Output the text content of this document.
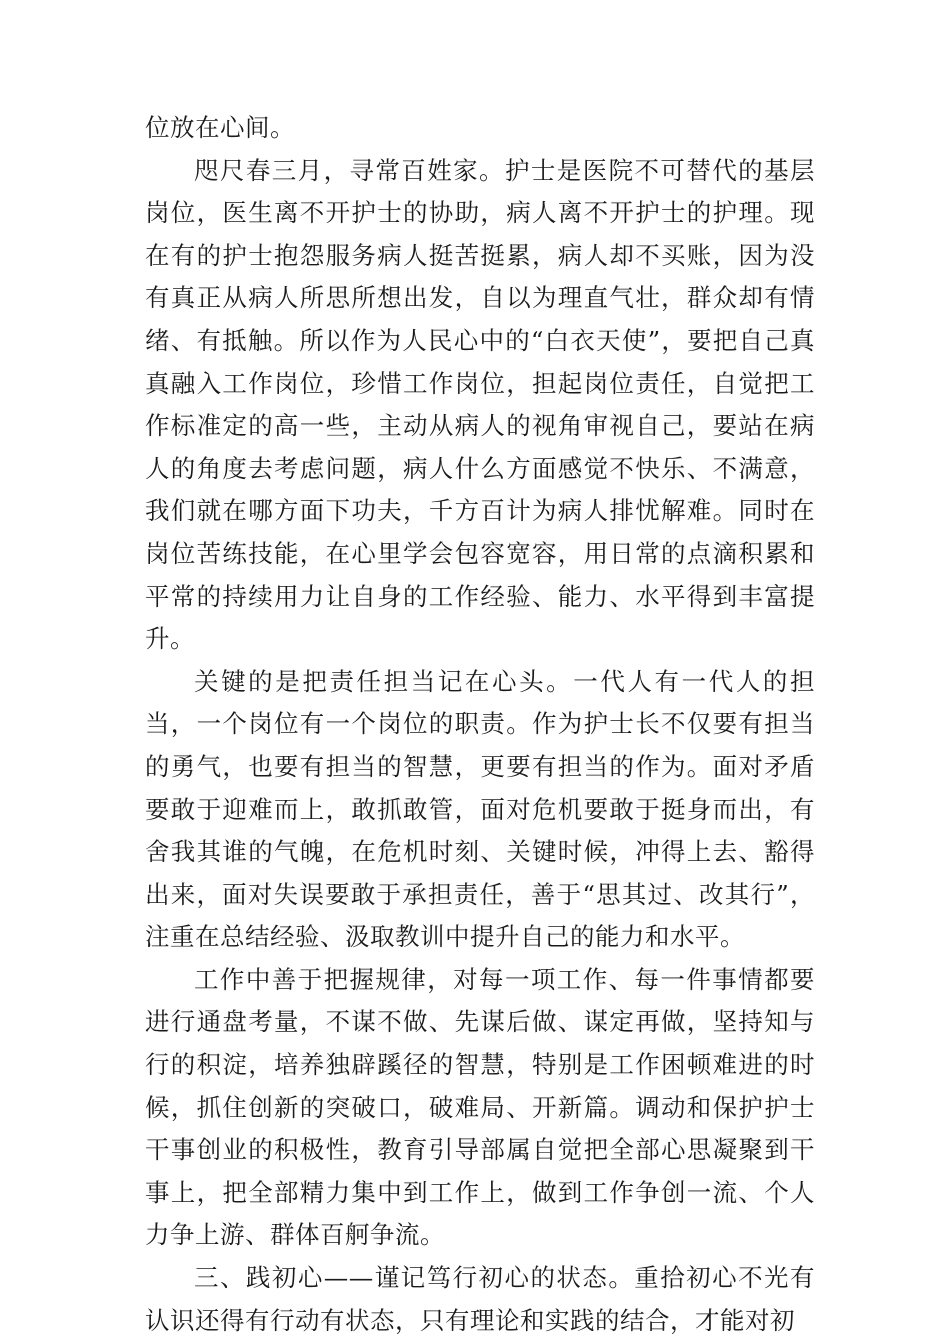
位放在心间。

咫尺春三月，寻常百姓家。护士是医院不可替代的基层岗位，医生离不开护士的协助，病人离不开护士的护理。现在有的护士抱怨服务病人挺苦挺累，病人却不买账，因为没有真正从病人所思所想出发，自以为理直气壮，群众却有情绪、有抵触。所以作为人民心中的“白衣天使”，要把自己真真融入工作岗位，珍惜工作岗位，担起岗位责任，自觉把工作标准定的高一些，主动从病人的视角审视自己，要站在病人的角度去考虑问题，病人什么方面感觉不快乐、不满意，我们就在哪方面下功夫，千方百计为病人排忧解难。同时在岗位苦练技能，在心里学会包容宽容，用日常的点滴积累和平常的持续用力让自身的工作经验、能力、水平得到丰富提升。

关键的是把责任担当记在心头。一代人有一代人的担当，一个岗位有一个岗位的职责。作为护士长不仅要有担当的勇气，也要有担当的智慧，更要有担当的作为。面对矛盾要敢于迎难而上，敢抓敢管，面对危机要敢于挺身而出，有舍我其谁的气魄，在危机时刻、关键时候，冲得上去、豁得出来，面对失误要敢于承担责任，善于“思其过、改其行”，注重在总结经验、汲取教训中提升自己的能力和水平。

工作中善于把握规律，对每一项工作、每一件事情都要进行通盘考量，不谋不做、先谋后做、谋定再做，坚持知与行的积淀，培养独辟蹊径的智慧，特别是工作困顿难进的时候，抓住创新的突破口，破难局、开新篇。调动和保护护士干事创业的积极性，教育引导部属自觉把全部心思凝聚到干事上，把全部精力集中到工作上，做到工作争创一流、个人力争上游、群体百舸争流。

三、践初心——谨记笃行初心的状态。重拾初心不光有认识还得有行动有状态，只有理论和实践的结合，才能对初
